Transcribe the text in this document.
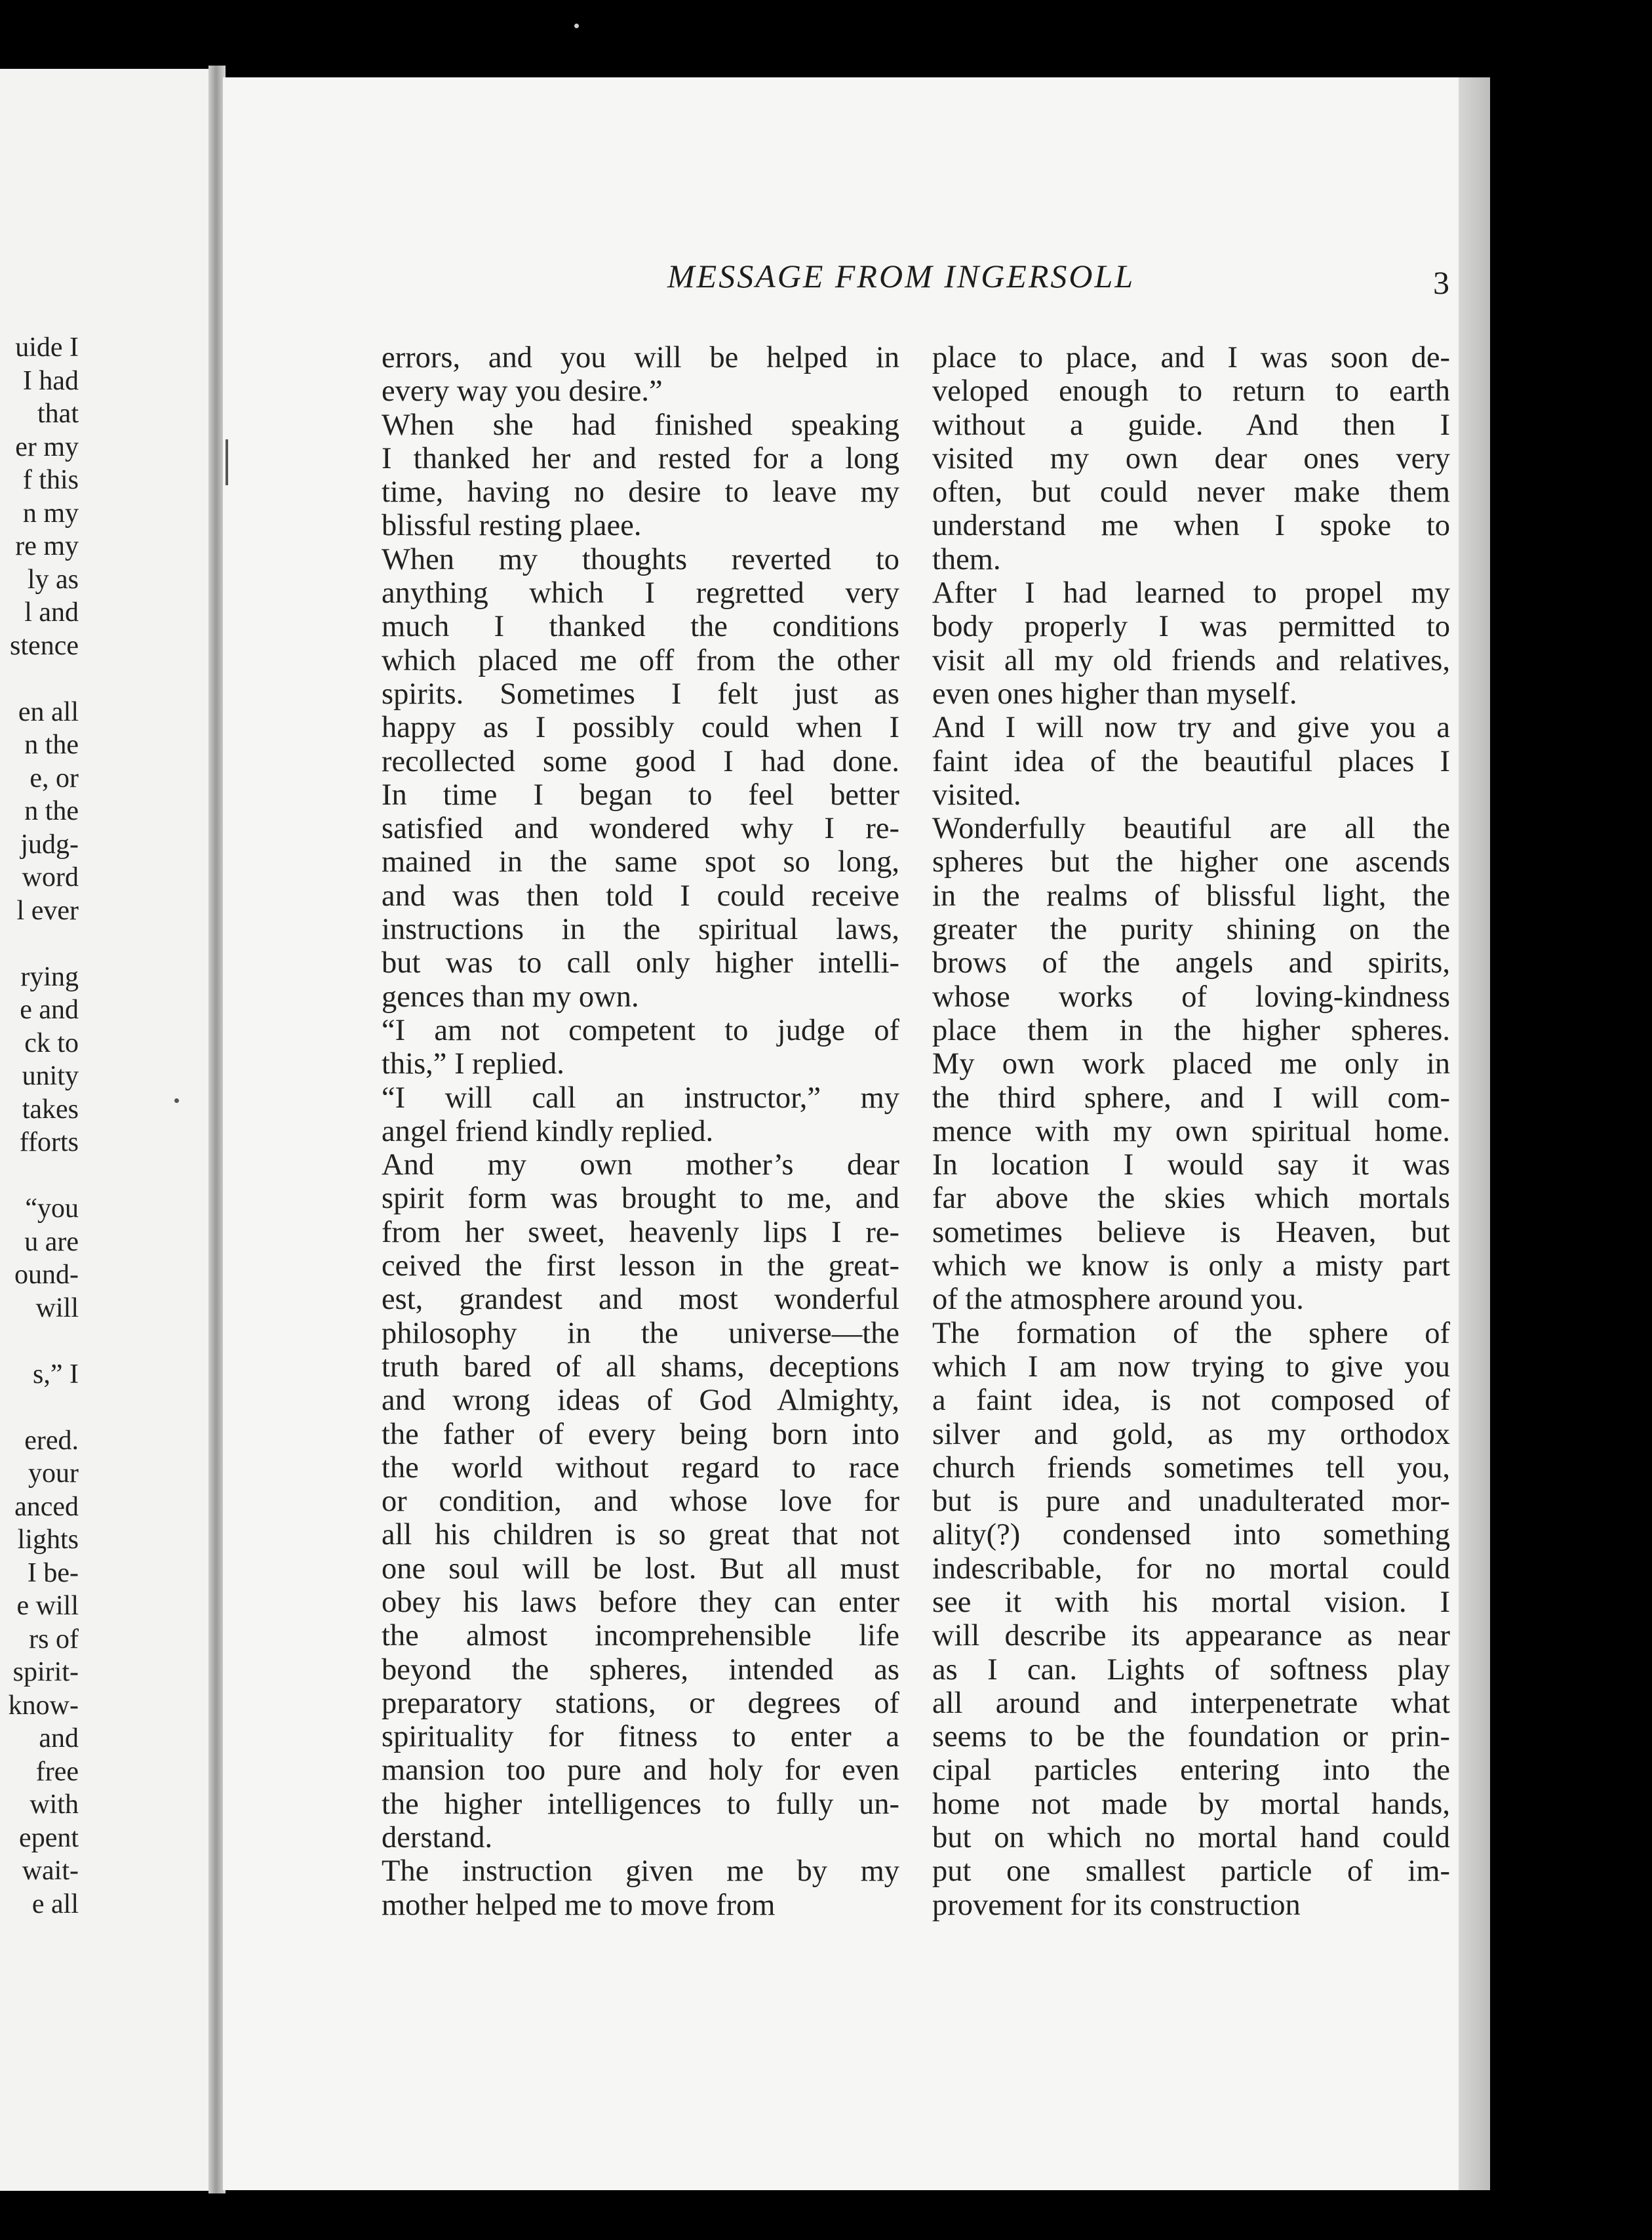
MESSAGE FROM INGERSOLL	3
uide I
I had
that
er my
f this
n my
re my
ly as
l and
stence

en all
n the
e, or
n the
judg-
word
l ever

rying
e and
ck to
unity
takes
fforts

“you
u are
ound-
will

s,” I

ered.
your
anced
lights
I be-
e will
rs of
spirit-
know-
and
free
with
epent
wait-
e all
errors, and you will be helped in
every way you desire.”
When she had finished speaking
I thanked her and rested for a long
time, having no desire to leave my
blissful resting plaee.
When my thoughts reverted to
anything which I regretted very
much I thanked the conditions
which placed me off from the other
spirits. Sometimes I felt just as
happy as I possibly could when I
recollected some good I had done.
In time I began to feel better
satisfied and wondered why I re-
mained in the same spot so long,
and was then told I could receive
instructions in the spiritual laws,
but was to call only higher intelli-
gences than my own.
“I am not competent to judge of
this,” I replied.
“I will call an instructor,” my
angel friend kindly replied.
And my own mother’s dear
spirit form was brought to me, and
from her sweet, heavenly lips I re-
ceived the first lesson in the great-
est, grandest and most wonderful
philosophy in the universe—the
truth bared of all shams, deceptions
and wrong ideas of God Almighty,
the father of every being born into
the world without regard to race
or condition, and whose love for
all his children is so great that not
one soul will be lost. But all must
obey his laws before they can enter
the almost incomprehensible life
beyond the spheres, intended as
preparatory stations, or degrees of
spirituality for fitness to enter a
mansion too pure and holy for even
the higher intelligences to fully un-
derstand.
The instruction given me by my
mother helped me to move from
place to place, and I was soon de-
veloped enough to return to earth
without a guide. And then I
visited my own dear ones very
often, but could never make them
understand me when I spoke to
them.
After I had learned to propel my
body properly I was permitted to
visit all my old friends and relatives,
even ones higher than myself.
And I will now try and give you a
faint idea of the beautiful places I
visited.
Wonderfully beautiful are all the
spheres but the higher one ascends
in the realms of blissful light, the
greater the purity shining on the
brows of the angels and spirits,
whose works of loving-kindness
place them in the higher spheres.
My own work placed me only in
the third sphere, and I will com-
mence with my own spiritual home.
In location I would say it was
far above the skies which mortals
sometimes believe is Heaven, but
which we know is only a misty part
of the atmosphere around you.
The formation of the sphere of
which I am now trying to give you
a faint idea, is not composed of
silver and gold, as my orthodox
church friends sometimes tell you,
but is pure and unadulterated mor-
ality(?) condensed into something
indescribable, for no mortal could
see it with his mortal vision. I
will describe its appearance as near
as I can. Lights of softness play
all around and interpenetrate what
seems to be the foundation or prin-
cipal particles entering into the
home not made by mortal hands,
but on which no mortal hand could
put one smallest particle of im-
provement for its construction
